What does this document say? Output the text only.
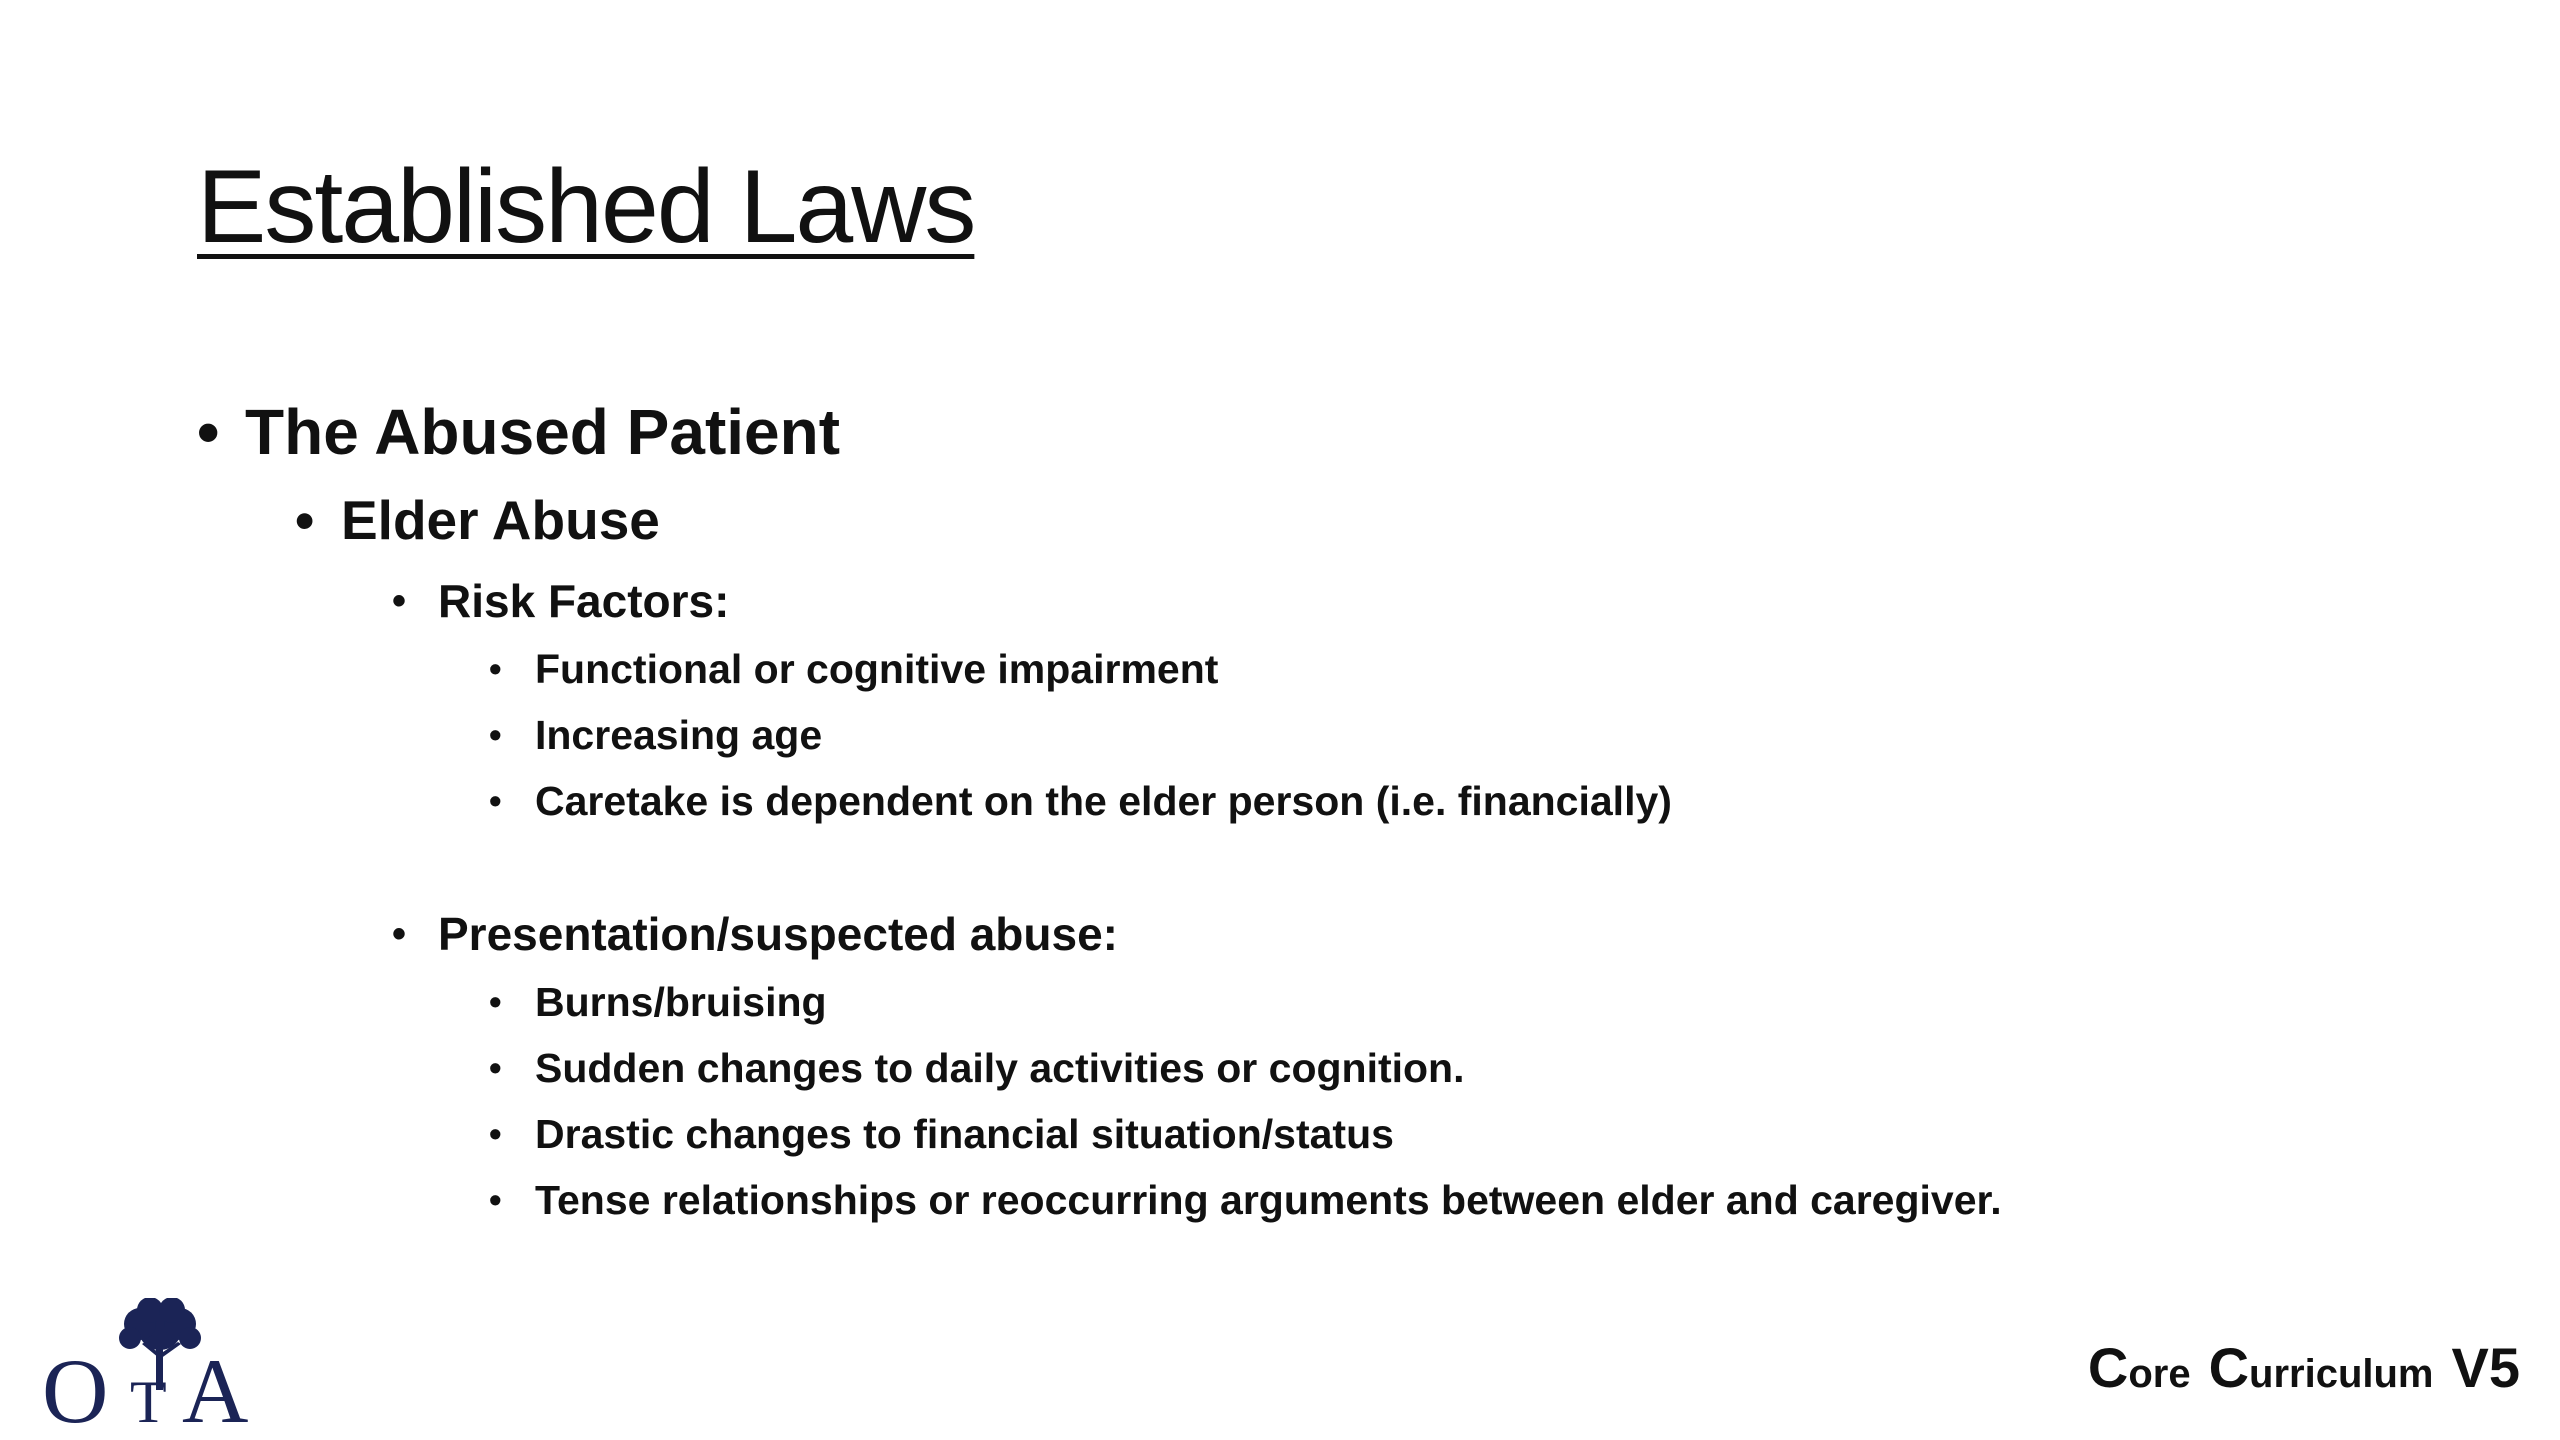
Established Laws
• The Abused Patient
• Elder Abuse
• Risk Factors:
• Functional or cognitive impairment
• Increasing age
• Caretake is dependent on the elder person (i.e. financially)
• Presentation/suspected abuse:
• Burns/bruising
• Sudden changes to daily activities or cognition.
• Drastic changes to financial situation/status
• Tense relationships or reoccurring arguments between elder and caregiver.
O A
T
C ore C urriculum V5
